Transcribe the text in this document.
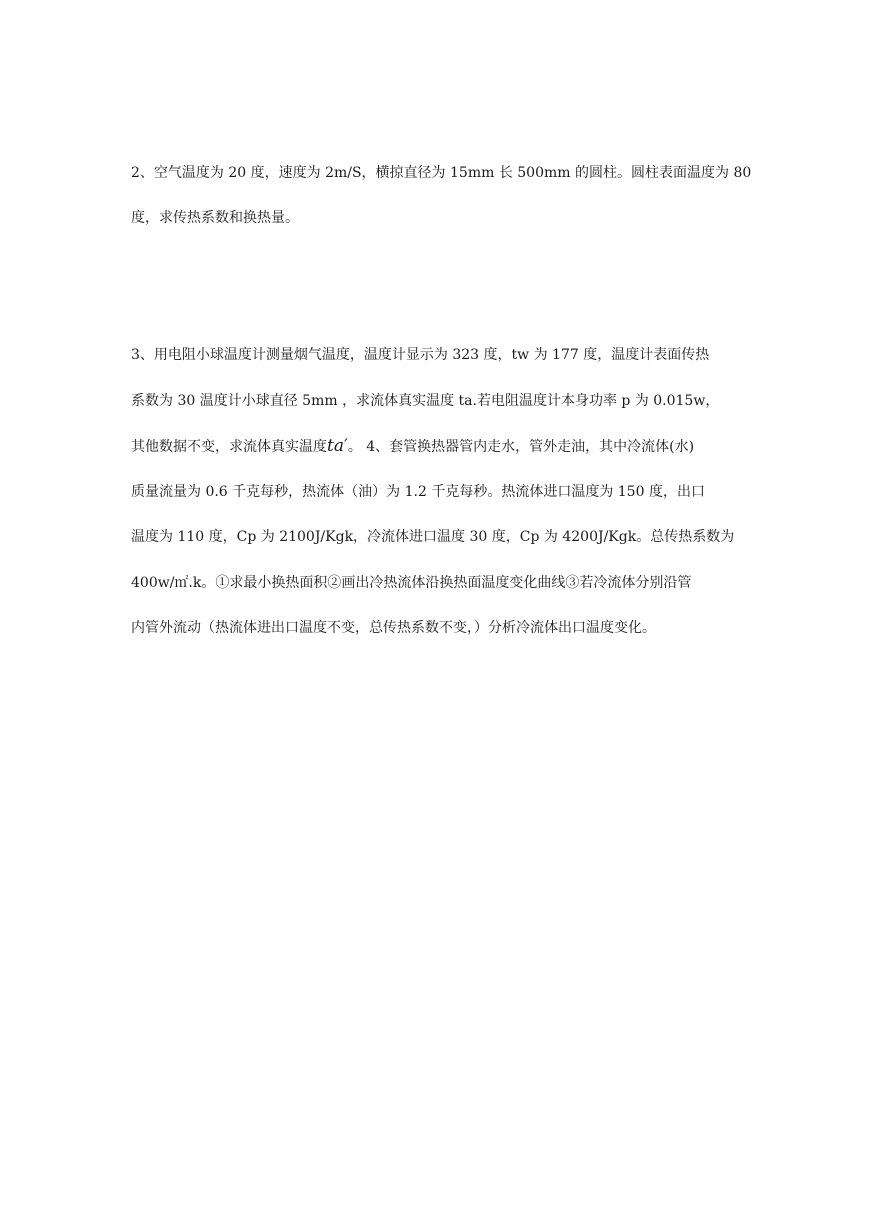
2、空气温度为 20 度，速度为 2m/S，横掠直径为 15mm 长 500mm 的圆柱。圆柱表面温度为 80
度，求传热系数和换热量。
3、用电阻小球温度计测量烟气温度，温度计显示为 323 度，tw 为 177 度，温度计表面传热
系数为 30 温度计小球直径 5mm ，求流体真实温度 ta.若电阻温度计本身功率 p 为 0.015w，
其他数据不变，求流体真实温度ta′。 4、套管换热器管内走水，管外走油，其中冷流体(水)
质量流量为 0.6 千克每秒，热流体（油）为 1.2 千克每秒。热流体进口温度为 150 度，出口
温度为 110 度，Cp 为 2100J/Kgk，冷流体进口温度 30 度，Cp 为 4200J/Kgk。总传热系数为
400w/㎡.k。①求最小换热面积②画出冷热流体沿换热面温度变化曲线③若冷流体分别沿管
内管外流动（热流体进出口温度不变，总传热系数不变，）分析冷流体出口温度变化。
